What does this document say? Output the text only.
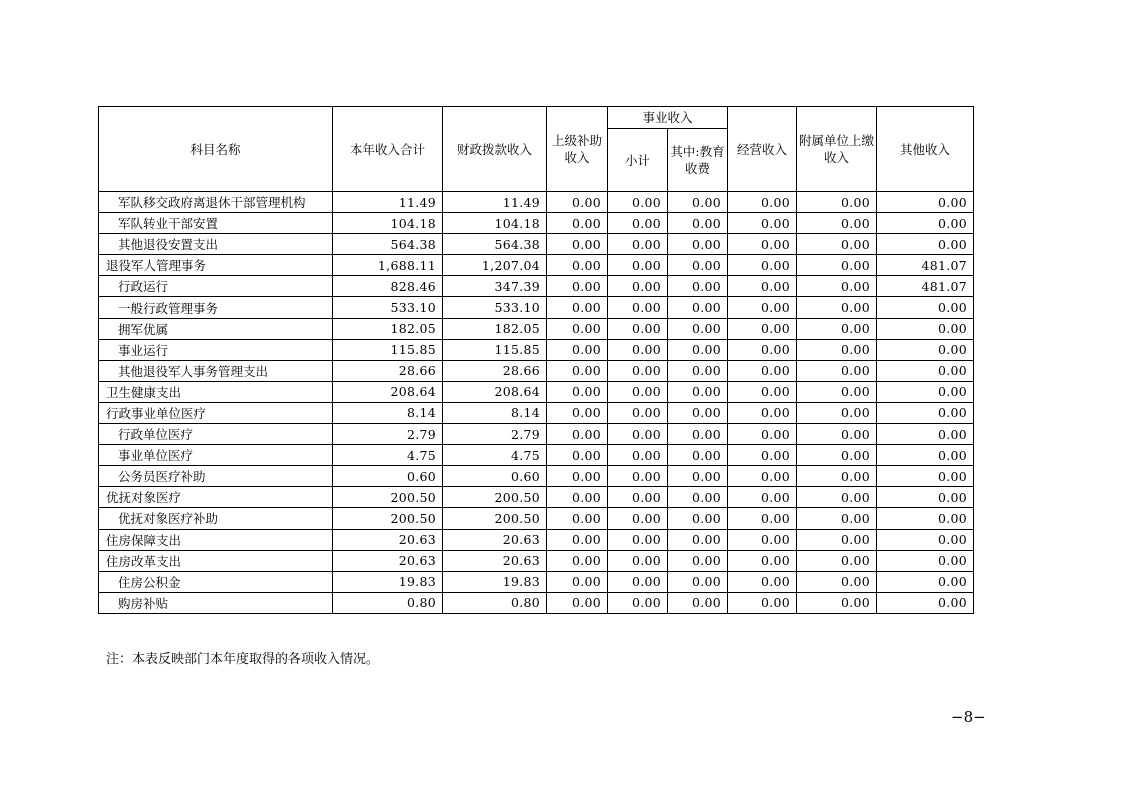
科目名称	本年收入合计	财政拨款收入	上级补助收入	事业收入		经营收入	附属单位上缴收入	其他收入
				小计	其中:教育收费			
军队移交政府离退休干部管理机构	11.49	11.49	0.00	0.00	0.00	0.00	0.00	0.00
军队转业干部安置	104.18	104.18	0.00	0.00	0.00	0.00	0.00	0.00
其他退役安置支出	564.38	564.38	0.00	0.00	0.00	0.00	0.00	0.00
退役军人管理事务	1,688.11	1,207.04	0.00	0.00	0.00	0.00	0.00	481.07
行政运行	828.46	347.39	0.00	0.00	0.00	0.00	0.00	481.07
一般行政管理事务	533.10	533.10	0.00	0.00	0.00	0.00	0.00	0.00
拥军优属	182.05	182.05	0.00	0.00	0.00	0.00	0.00	0.00
事业运行	115.85	115.85	0.00	0.00	0.00	0.00	0.00	0.00
其他退役军人事务管理支出	28.66	28.66	0.00	0.00	0.00	0.00	0.00	0.00
卫生健康支出	208.64	208.64	0.00	0.00	0.00	0.00	0.00	0.00
行政事业单位医疗	8.14	8.14	0.00	0.00	0.00	0.00	0.00	0.00
行政单位医疗	2.79	2.79	0.00	0.00	0.00	0.00	0.00	0.00
事业单位医疗	4.75	4.75	0.00	0.00	0.00	0.00	0.00	0.00
公务员医疗补助	0.60	0.60	0.00	0.00	0.00	0.00	0.00	0.00
优抚对象医疗	200.50	200.50	0.00	0.00	0.00	0.00	0.00	0.00
优抚对象医疗补助	200.50	200.50	0.00	0.00	0.00	0.00	0.00	0.00
住房保障支出	20.63	20.63	0.00	0.00	0.00	0.00	0.00	0.00
住房改革支出	20.63	20.63	0.00	0.00	0.00	0.00	0.00	0.00
住房公积金	19.83	19.83	0.00	0.00	0.00	0.00	0.00	0.00
购房补贴	0.80	0.80	0.00	0.00	0.00	0.00	0.00	0.00
注：本表反映部门本年度取得的各项收入情况。
−8−
